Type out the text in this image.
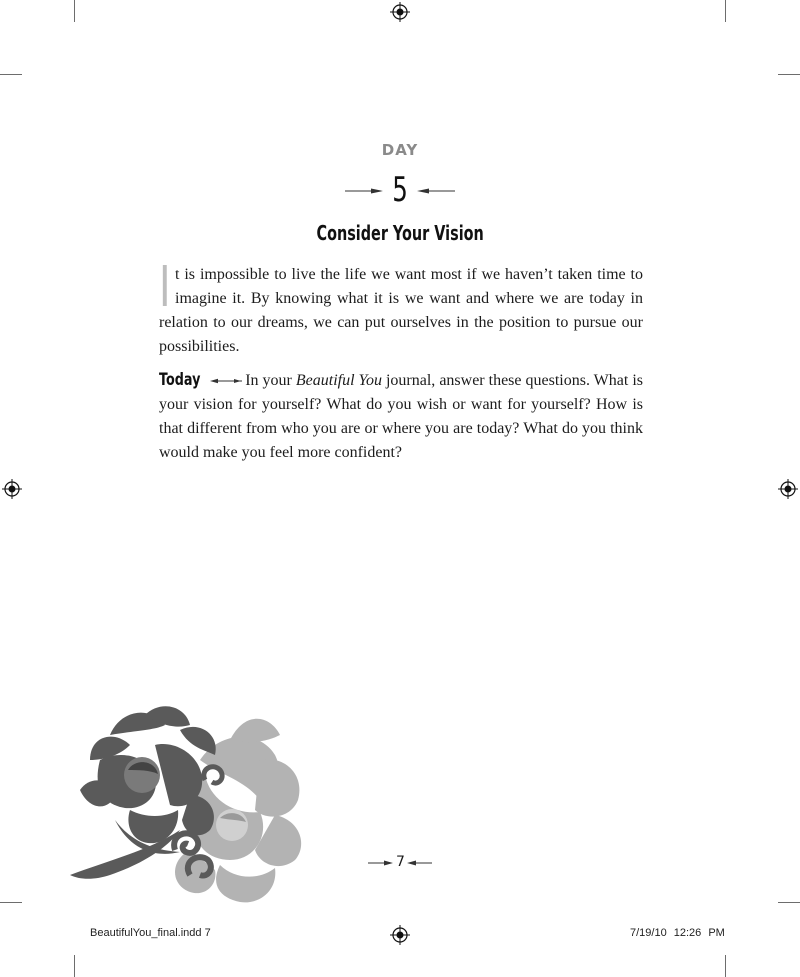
DAY
5
Consider Your Vision
It is impossible to live the life we want most if we haven’t taken time to imagine it. By knowing what it is we want and where we are today in relation to our dreams, we can put ourselves in the position to pursue our possibilities.
Today	In your Beautiful You journal, answer these questions. What is your vision for yourself? What do you wish or want for yourself? How is that different from who you are or where you are today? What do you think would make you feel more confident?
7
BeautifulYou_final.indd 7	7/19/10 12:26 PM
